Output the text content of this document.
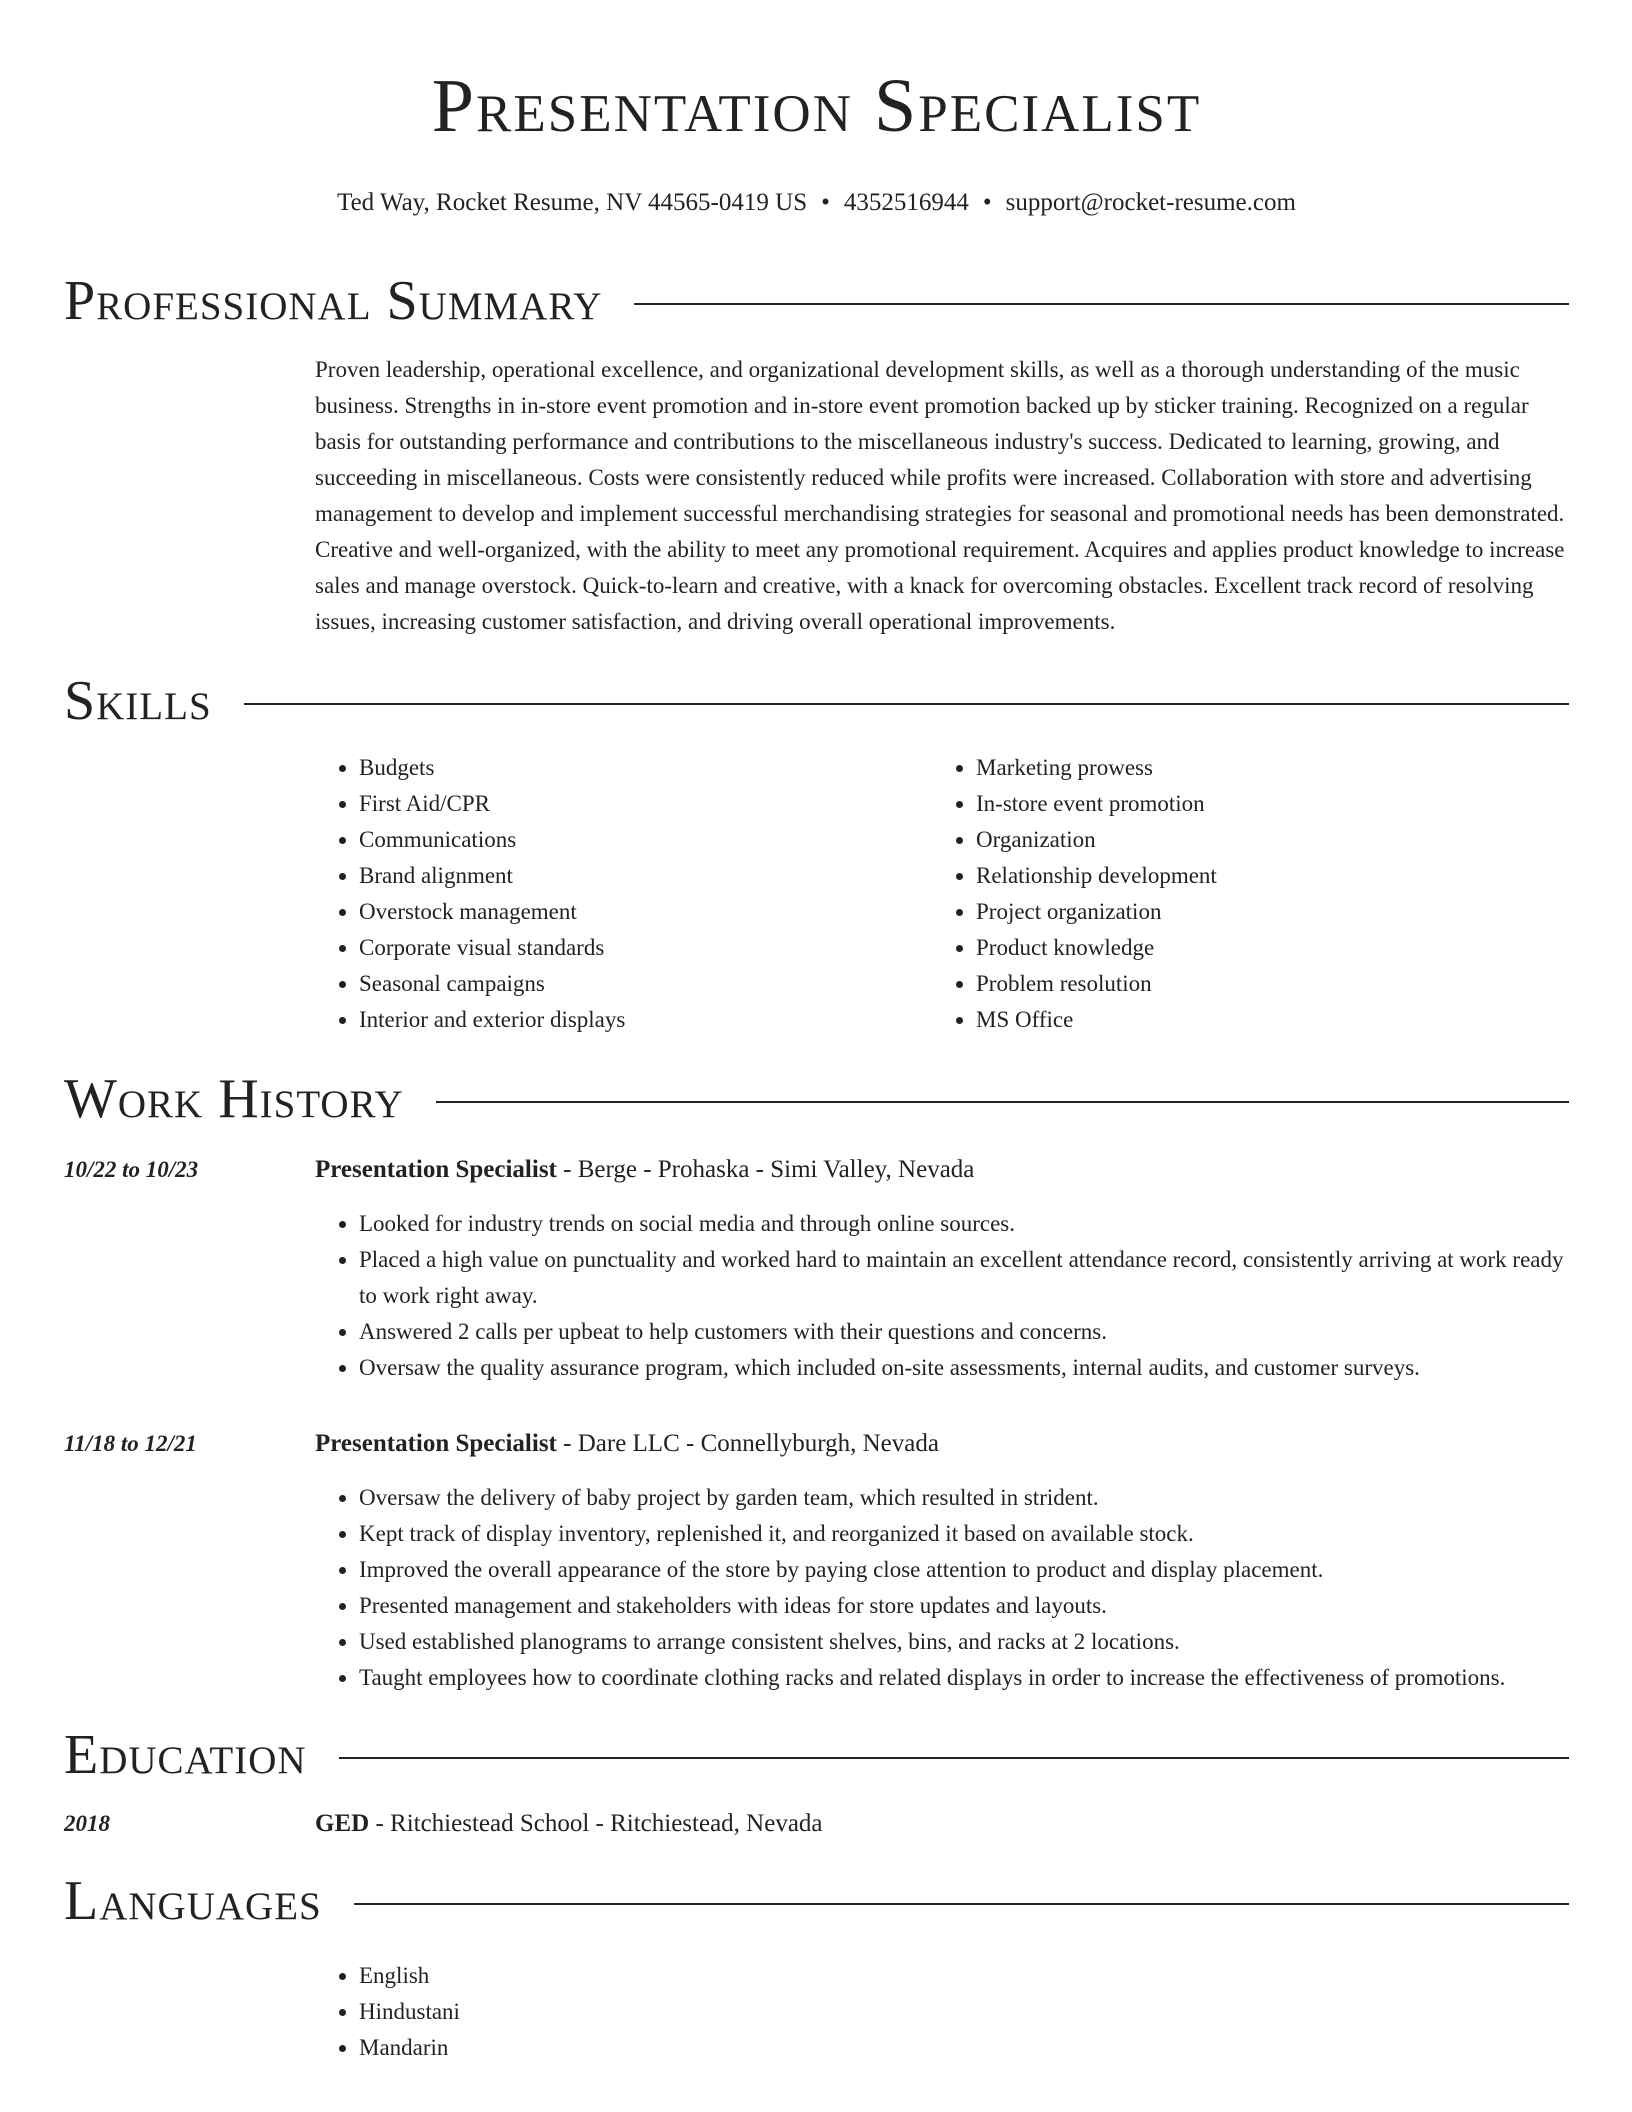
Presentation Specialist
Ted Way, Rocket Resume, NV 44565-0419 US • 4352516944 • support@rocket-resume.com
Professional Summary

Proven leadership, operational excellence, and organizational development skills, as well as a thorough understanding of the music business. Strengths in in-store event promotion and in-store event promotion backed up by sticker training. Recognized on a regular basis for outstanding performance and contributions to the miscellaneous industry's success. Dedicated to learning, growing, and succeeding in miscellaneous. Costs were consistently reduced while profits were increased. Collaboration with store and advertising management to develop and implement successful merchandising strategies for seasonal and promotional needs has been demonstrated. Creative and well-organized, with the ability to meet any promotional requirement. Acquires and applies product knowledge to increase sales and manage overstock. Quick-to-learn and creative, with a knack for overcoming obstacles. Excellent track record of resolving issues, increasing customer satisfaction, and driving overall operational improvements.

Skills
• Budgets
• First Aid/CPR
• Communications
• Brand alignment
• Overstock management
• Corporate visual standards
• Seasonal campaigns
• Interior and exterior displays
• Marketing prowess
• In-store event promotion
• Organization
• Relationship development
• Project organization
• Product knowledge
• Problem resolution
• MS Office
Work History
10/22 to 10/23	Presentation Specialist - Berge - Prohaska - Simi Valley, Nevada
• Looked for industry trends on social media and through online sources.
• Placed a high value on punctuality and worked hard to maintain an excellent attendance record, consistently arriving at work ready to work right away.
• Answered 2 calls per upbeat to help customers with their questions and concerns.
• Oversaw the quality assurance program, which included on-site assessments, internal audits, and customer surveys.
11/18 to 12/21	Presentation Specialist - Dare LLC - Connellyburgh, Nevada
• Oversaw the delivery of baby project by garden team, which resulted in strident.
• Kept track of display inventory, replenished it, and reorganized it based on available stock.
• Improved the overall appearance of the store by paying close attention to product and display placement.
• Presented management and stakeholders with ideas for store updates and layouts.
• Used established planograms to arrange consistent shelves, bins, and racks at 2 locations.
• Taught employees how to coordinate clothing racks and related displays in order to increase the effectiveness of promotions.
Education
2018	GED - Ritchiestead School - Ritchiestead, Nevada
Languages
• English
• Hindustani
• Mandarin
